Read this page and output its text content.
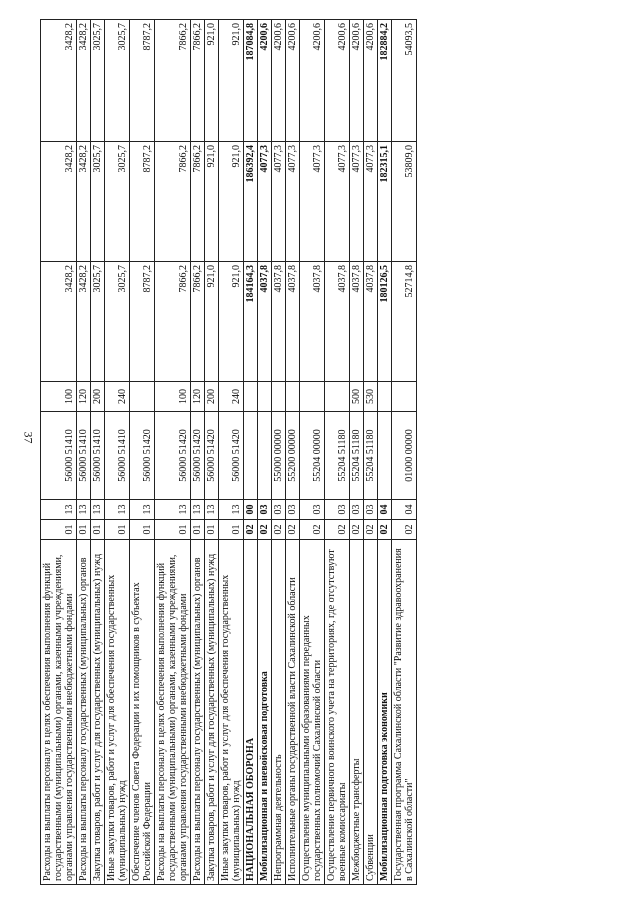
37
Расходы на выплаты персоналу в целях обеспечения выполнения функций государственными (муниципальными) органами, казенными учреждениями, органами управления государственными внебюджетными фондами	01	13	56000 51410	100	3428,2	3428,2	3428,2
Расходы на выплаты персоналу государственных (муниципальных) органов	01	13	56000 51410	120	3428,2	3428,2	3428,2
Закупка товаров, работ и услуг для государственных (муниципальных) нужд	01	13	56000 51410	200	3025,7	3025,7	3025,7
Иные закупки товаров, работ и услуг для обеспечения государственных (муниципальных) нужд	01	13	56000 51410	240	3025,7	3025,7	3025,7
Обеспечение членов Совета Федерации и их помощников в субъектах Российской Федерации	01	13	56000 51420		8787,2	8787,2	8787,2
Расходы на выплаты персоналу в целях обеспечения выполнения функций государственными (муниципальными) органами, казенными учреждениями, органами управления государственными внебюджетными фондами	01	13	56000 51420	100	7866,2	7866,2	7866,2
Расходы на выплаты персоналу государственных (муниципальных) органов	01	13	56000 51420	120	7866,2	7866,2	7866,2
Закупка товаров, работ и услуг для государственных (муниципальных) нужд	01	13	56000 51420	200	921,0	921,0	921,0
Иные закупки товаров, работ и услуг для обеспечения государственных (муниципальных) нужд	01	13	56000 51420	240	921,0	921,0	921,0
НАЦИОНАЛЬНАЯ ОБОРОНА	02	00			184164,3	186392,4	187084,8
Мобилизационная и вневойсковая подготовка	02	03			4037,8	4077,3	4200,6
Непрограммная деятельность	02	03	55000 00000		4037,8	4077,3	4200,6
Исполнительные органы государственной власти Сахалинской области	02	03	55200 00000		4037,8	4077,3	4200,6
Осуществление муниципальными образованиями переданных государственных полномочий Сахалинской области	02	03	55204 00000		4037,8	4077,3	4200,6
Осуществление первичного воинского учета на территориях, где отсутствуют военные комиссариаты	02	03	55204 51180		4037,8	4077,3	4200,6
Межбюджетные трансферты	02	03	55204 51180	500	4037,8	4077,3	4200,6
Субвенции	02	03	55204 51180	530	4037,8	4077,3	4200,6
Мобилизационная подготовка экономики	02	04			180126,5	182315,1	182884,2
Государственная программа Сахалинской области "Развитие здравоохранения в Сахалинской области"	02	04	01000 00000		52714,8	53809,0	54093,5
